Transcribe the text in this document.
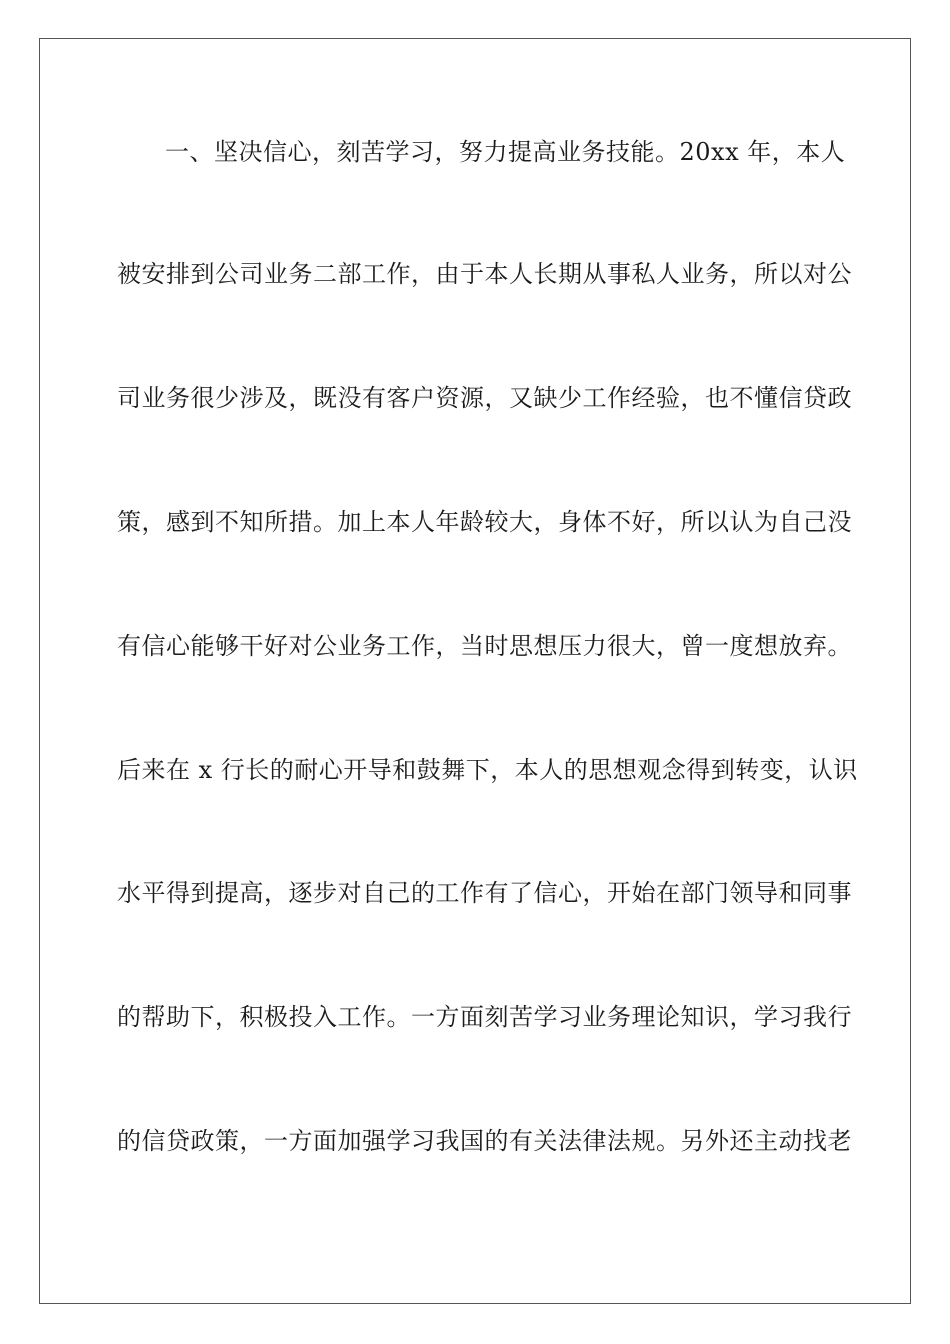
一、坚决信心，刻苦学习，努力提高业务技能。20xx 年，本人
被安排到公司业务二部工作，由于本人长期从事私人业务，所以对公
司业务很少涉及，既没有客户资源，又缺少工作经验，也不懂信贷政
策，感到不知所措。加上本人年龄较大，身体不好，所以认为自己没
有信心能够干好对公业务工作，当时思想压力很大，曾一度想放弃。
后来在 x 行长的耐心开导和鼓舞下，本人的思想观念得到转变，认识
水平得到提高，逐步对自己的工作有了信心，开始在部门领导和同事
的帮助下，积极投入工作。一方面刻苦学习业务理论知识，学习我行
的信贷政策，一方面加强学习我国的有关法律法规。另外还主动找老
